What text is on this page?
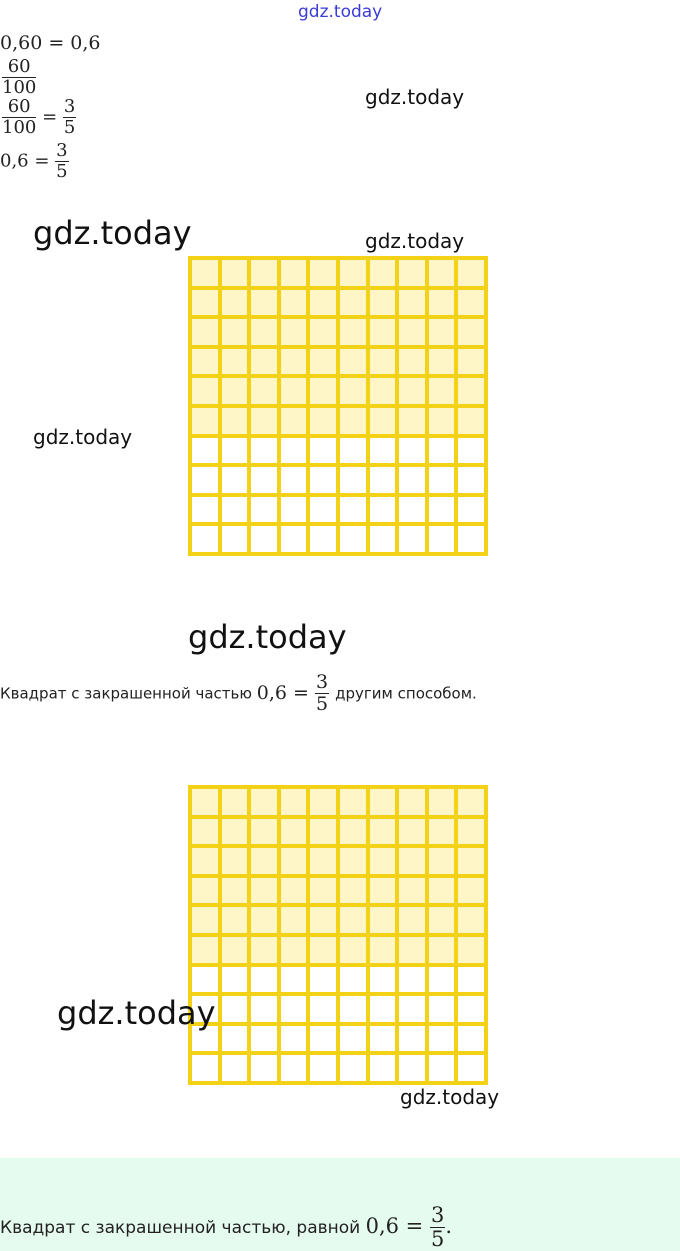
gdz.today
0,60 = 0,6
$\frac{60}{100}$
$\frac{60}{100} = \frac{3}{5}$
$0,6 = \frac{3}{5}$
gdz.today
gdz.today	gdz.today
gdz.today
gdz.today
Квадрат с закрашенной частью $0,6 = \frac{3}{5}$ другим способом.
gdz.today
gdz.today
Квадрат с закрашенной частью, равной $0,6 = \frac{3}{5}$ .
